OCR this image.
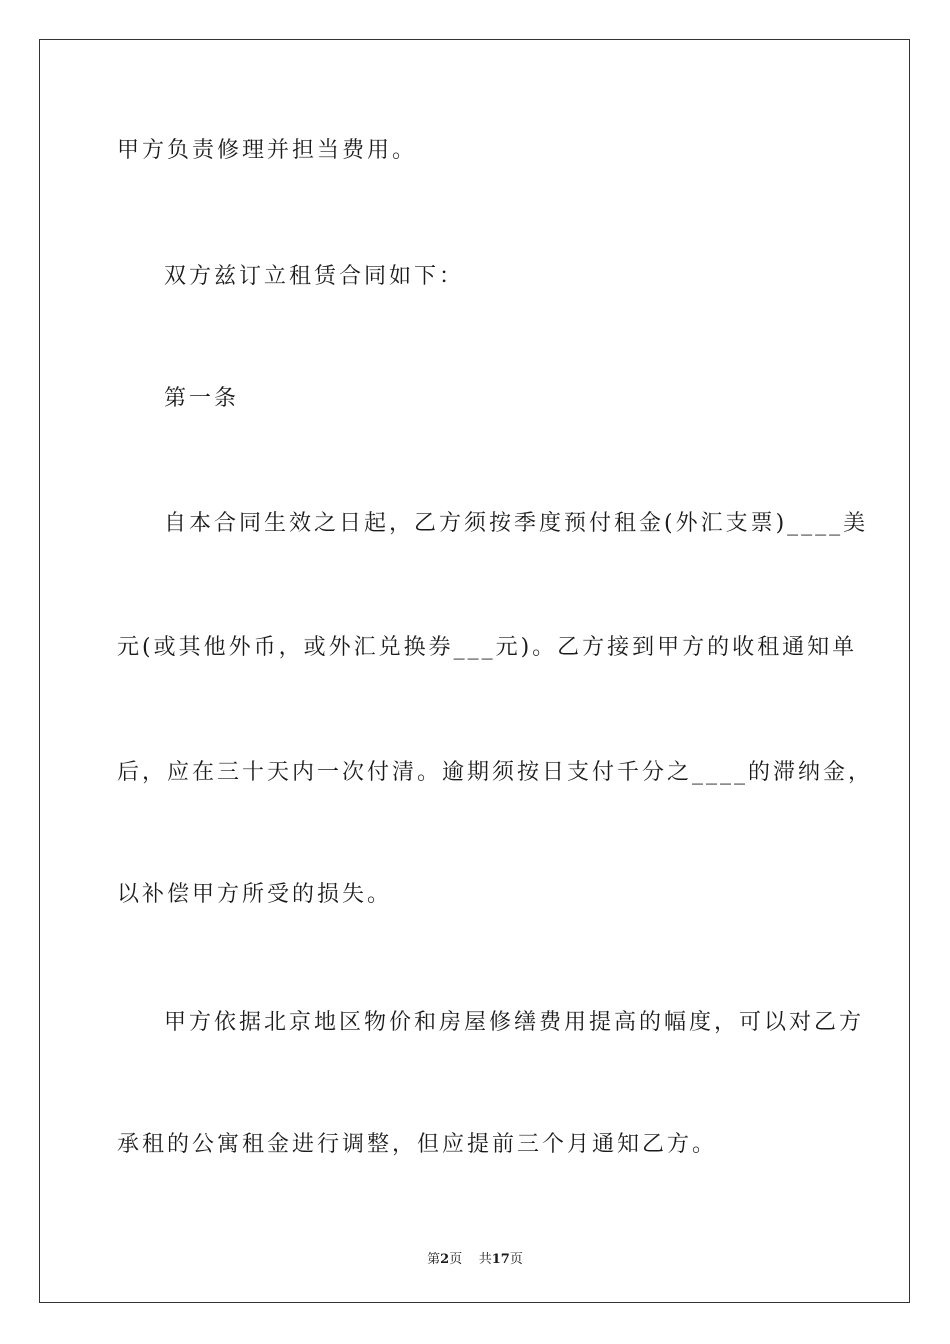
甲方负责修理并担当费用。
双方兹订立租赁合同如下：
第一条
自本合同生效之日起，乙方须按季度预付租金(外汇支票)____美
元(或其他外币，或外汇兑换券___元)。乙方接到甲方的收租通知单
后，应在三十天内一次付清。逾期须按日支付千分之____的滞纳金，
以补偿甲方所受的损失。
甲方依据北京地区物价和房屋修缮费用提高的幅度，可以对乙方
承租的公寓租金进行调整，但应提前三个月通知乙方。
第2页 共17页
